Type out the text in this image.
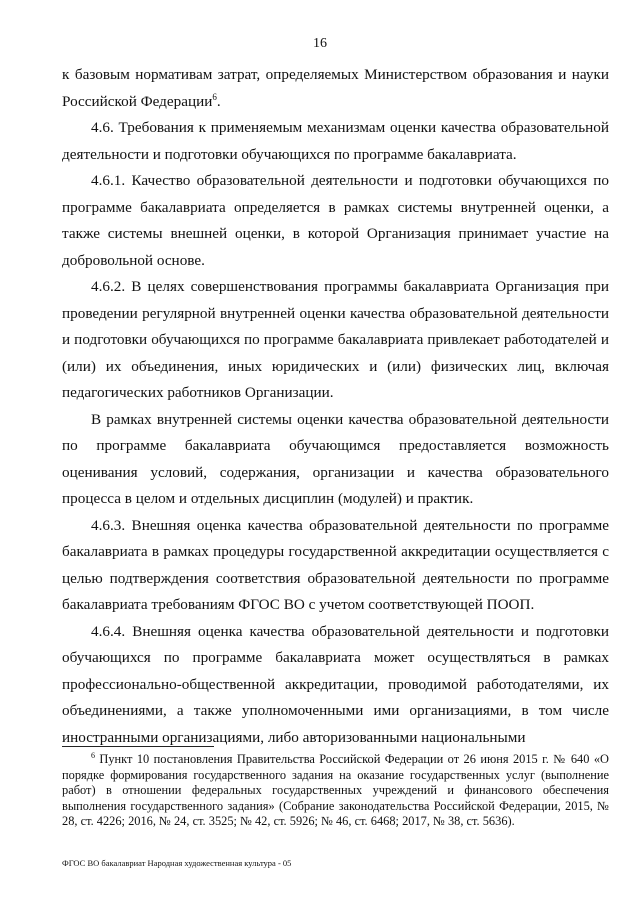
16

к базовым нормативам затрат, определяемых Министерством образования и науки Российской Федерации$^6$.

4.6. Требования к применяемым механизмам оценки качества образовательной деятельности и подготовки обучающихся по программе бакалавриата.

4.6.1. Качество образовательной деятельности и подготовки обучающихся по программе бакалавриата определяется в рамках системы внутренней оценки, а также системы внешней оценки, в которой Организация принимает участие на добровольной основе.

4.6.2. В целях совершенствования программы бакалавриата Организация при проведении регулярной внутренней оценки качества образовательной деятельности и подготовки обучающихся по программе бакалавриата привлекает работодателей и (или) их объединения, иных юридических и (или) физических лиц, включая педагогических работников Организации.

В рамках внутренней системы оценки качества образовательной деятельности по программе бакалавриата обучающимся предоставляется возможность оценивания условий, содержания, организации и качества образовательного процесса в целом и отдельных дисциплин (модулей) и практик.

4.6.3. Внешняя оценка качества образовательной деятельности по программе бакалавриата в рамках процедуры государственной аккредитации осуществляется с целью подтверждения соответствия образовательной деятельности по программе бакалавриата требованиям ФГОС ВО с учетом соответствующей ПООП.

4.6.4. Внешняя оценка качества образовательной деятельности и подготовки обучающихся по программе бакалавриата может осуществляться в рамках профессионально-общественной аккредитации, проводимой работодателями, их объединениями, а также уполномоченными ими организациями, в том числе иностранными организациями, либо авторизованными национальными

$^6$ Пункт 10 постановления Правительства Российской Федерации от 26 июня 2015 г. № 640 «О порядке формирования государственного задания на оказание государственных услуг (выполнение работ) в отношении федеральных государственных учреждений и финансового обеспечения выполнения государственного задания» (Собрание законодательства Российской Федерации, 2015, № 28, ст. 4226; 2016, № 24, ст. 3525; № 42, ст. 5926; № 46, ст. 6468; 2017, № 38, ст. 5636).

ФГОС ВО бакалавриат Народная художественная культура - 05
